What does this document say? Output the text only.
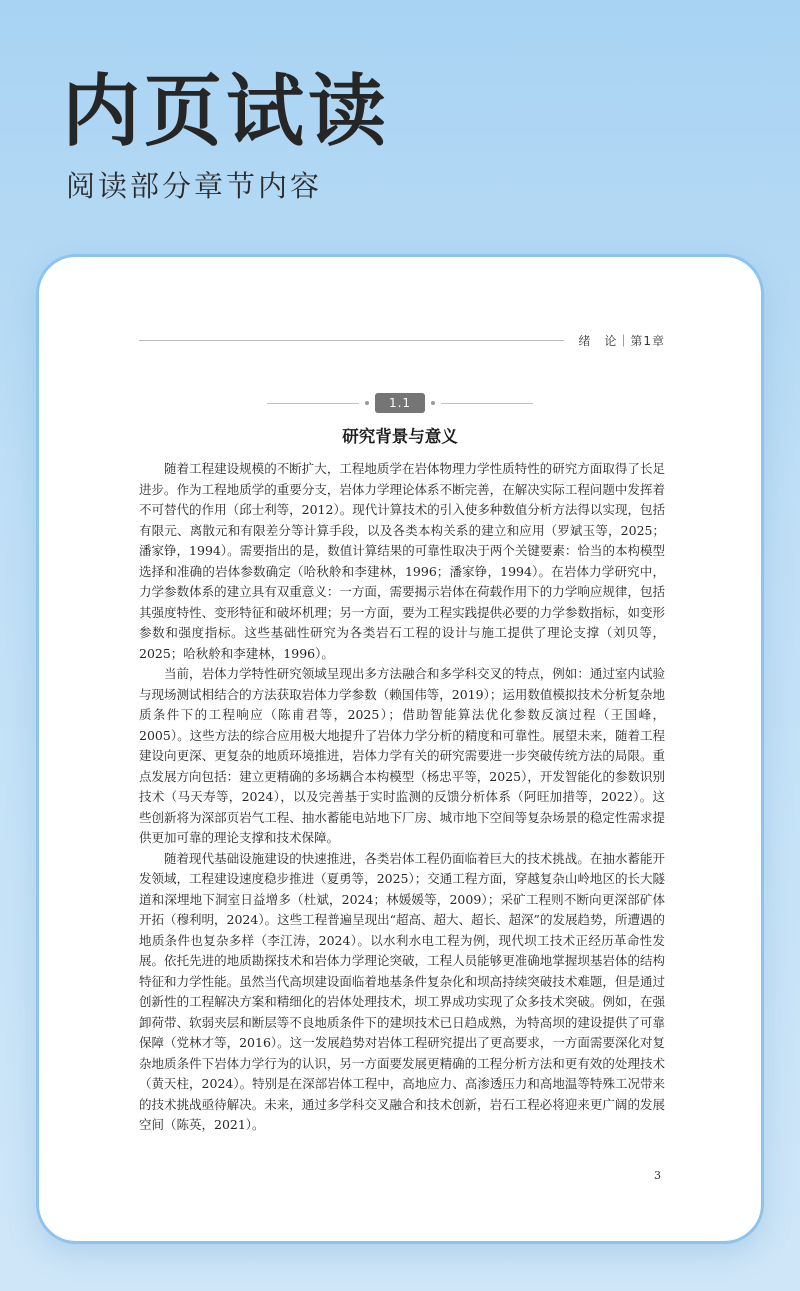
内页试读
阅读部分章节内容
绪　论｜第1章
1.1
研究背景与意义

随着工程建设规模的不断扩大，工程地质学在岩体物理力学性质特性的研究方面取得了长足进步。作为工程地质学的重要分支，岩体力学理论体系不断完善，在解决实际工程问题中发挥着不可替代的作用（邱士利等，2012）。现代计算技术的引入使多种数值分析方法得以实现，包括有限元、离散元和有限差分等计算手段，以及各类本构关系的建立和应用（罗斌玉等，2025；潘家铮，1994）。需要指出的是，数值计算结果的可靠性取决于两个关键要素：恰当的本构模型选择和准确的岩体参数确定（哈秋舲和李建林，1996；潘家铮，1994）。在岩体力学研究中，力学参数体系的建立具有双重意义：一方面，需要揭示岩体在荷载作用下的力学响应规律，包括其强度特性、变形特征和破坏机理；另一方面，要为工程实践提供必要的力学参数指标，如变形参数和强度指标。这些基础性研究为各类岩石工程的设计与施工提供了理论支撑（刘贝等，2025；哈秋舲和李建林，1996）。

当前，岩体力学特性研究领域呈现出多方法融合和多学科交叉的特点，例如：通过室内试验与现场测试相结合的方法获取岩体力学参数（赖国伟等，2019）；运用数值模拟技术分析复杂地质条件下的工程响应（陈甫君等，2025）；借助智能算法优化参数反演过程（王国峰，2005）。这些方法的综合应用极大地提升了岩体力学分析的精度和可靠性。展望未来，随着工程建设向更深、更复杂的地质环境推进，岩体力学有关的研究需要进一步突破传统方法的局限。重点发展方向包括：建立更精确的多场耦合本构模型（杨忠平等，2025），开发智能化的参数识别技术（马天寿等，2024），以及完善基于实时监测的反馈分析体系（阿旺加措等，2022）。这些创新将为深部页岩气工程、抽水蓄能电站地下厂房、城市地下空间等复杂场景的稳定性需求提供更加可靠的理论支撑和技术保障。

随着现代基础设施建设的快速推进，各类岩体工程仍面临着巨大的技术挑战。在抽水蓄能开发领域，工程建设速度稳步推进（夏勇等，2025）；交通工程方面，穿越复杂山岭地区的长大隧道和深埋地下洞室日益增多（杜斌，2024；林媛媛等，2009）；采矿工程则不断向更深部矿体开拓（穆利明，2024）。这些工程普遍呈现出“超高、超大、超长、超深”的发展趋势，所遭遇的地质条件也复杂多样（李江涛，2024）。以水利水电工程为例，现代坝工技术正经历革命性发展。依托先进的地质勘探技术和岩体力学理论突破，工程人员能够更准确地掌握坝基岩体的结构特征和力学性能。虽然当代高坝建设面临着地基条件复杂化和坝高持续突破技术难题，但是通过创新性的工程解决方案和精细化的岩体处理技术，坝工界成功实现了众多技术突破。例如，在强卸荷带、软弱夹层和断层等不良地质条件下的建坝技术已日趋成熟，为特高坝的建设提供了可靠保障（党林才等，2016）。这一发展趋势对岩体工程研究提出了更高要求，一方面需要深化对复杂地质条件下岩体力学行为的认识，另一方面要发展更精确的工程分析方法和更有效的处理技术（黄天柱，2024）。特别是在深部岩体工程中，高地应力、高渗透压力和高地温等特殊工况带来的技术挑战亟待解决。未来，通过多学科交叉融合和技术创新，岩石工程必将迎来更广阔的发展空间（陈英，2021）。

3
